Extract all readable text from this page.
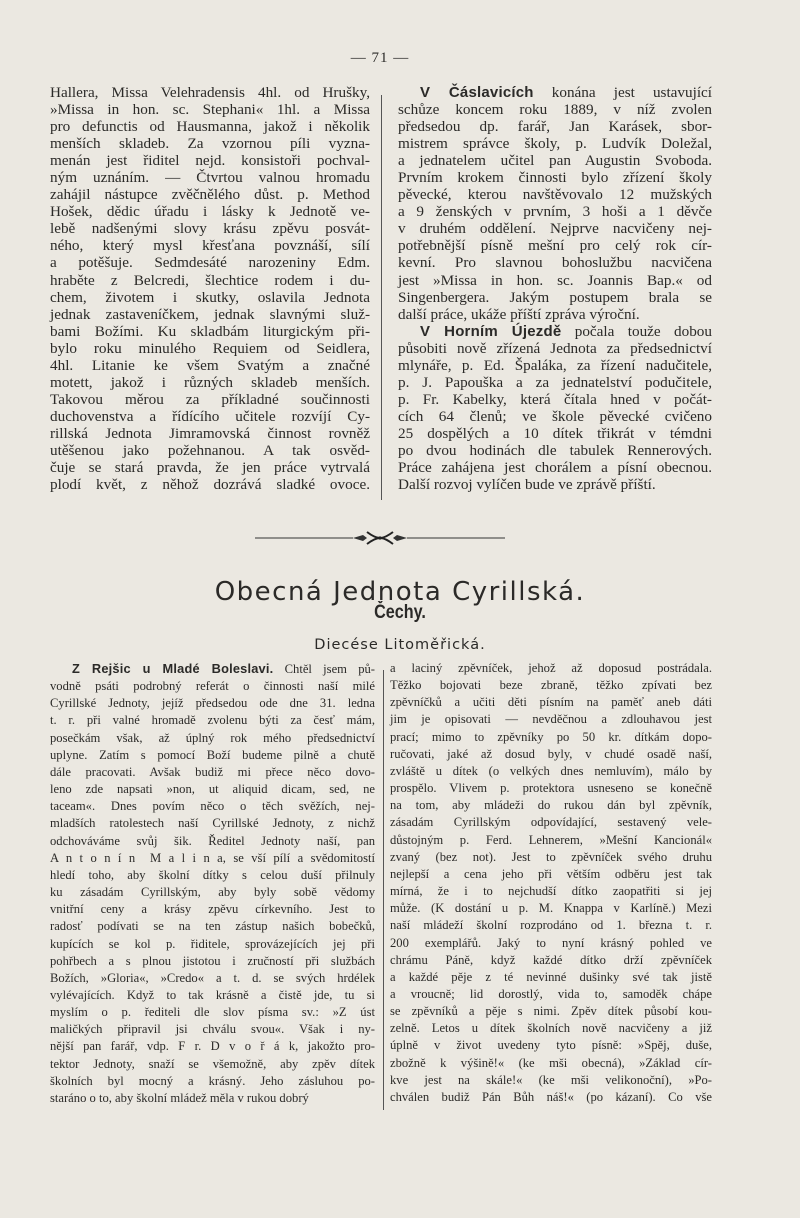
— 71 —
Hallera, Missa Velehradensis 4hl. od Hrušky,
»Missa in hon. sc. Stephani« 1hl. a Missa
pro defunctis od Hausmanna, jakož i několik
menších skladeb. Za vzornou píli vyzna-
menán jest řiditel nejd. konsistoři pochval-
ným uznáním. — Čtvrtou valnou hromadu
zahájil nástupce zvěčnělého důst. p. Method
Hošek, dědic úřadu i lásky k Jednotě ve-
lebě nadšenými slovy krásu zpěvu posvát-
ného, který mysl křesťana povznáší, sílí
a potěšuje. Sedmdesáté narozeniny Edm.
hraběte z Belcredi, šlechtice rodem i du-
chem, životem i skutky, oslavila Jednota
jednak zastaveníčkem, jednak slavnými služ-
bami Božími. Ku skladbám liturgickým při-
bylo roku minulého Requiem od Seidlera,
4hl. Litanie ke všem Svatým a značné
motett, jakož i různých skladeb menších.
Takovou měrou za příkladné součinnosti
duchovenstva a řídícího učitele rozvíjí Cy-
rillská Jednota Jimramovská činnost rovněž
utěšenou jako požehnanou. A tak osvěd-
čuje se stará pravda, že jen práce vytrvalá
plodí květ, z něhož dozrává sladké ovoce.
V Čáslavicích konána jest ustavující
schůze koncem roku 1889, v níž zvolen
předsedou dp. farář, Jan Karásek, sbor-
mistrem správce školy, p. Ludvík Doležal,
a jednatelem učitel pan Augustin Svoboda.
Prvním krokem činnosti bylo zřízení školy
pěvecké, kterou navštěvovalo 12 mužských
a 9 ženských v prvním, 3 hoši a 1 děvče
v druhém oddělení. Nejprve nacvičeny nej-
potřebnější písně mešní pro celý rok cír-
kevní. Pro slavnou bohoslužbu nacvičena
jest »Missa in hon. sc. Joannis Bap.« od
Singenbergera. Jakým postupem brala se
další práce, ukáže příští zpráva výroční.
V Horním Újezdě počala touže dobou
působiti nově zřízená Jednota za předsednictví
mlynáře, p. Ed. Špaláka, za řízení nadučitele,
p. J. Papouška a za jednatelství podučitele,
p. Fr. Kabelky, která čítala hned v počát-
cích 64 členů; ve škole pěvecké cvičeno
25 dospělých a 10 dítek třikrát v témdni
po dvou hodinách dle tabulek Rennerových.
Práce zahájena jest chorálem a písní obecnou.
Další rozvoj vylíčen bude ve zprávě příští.
Obecná Jednota Cyrillská.
Čechy.
Diecése Litoměřická.
Z Rejšic u Mladé Boleslavi. Chtěl jsem pů-
vodně psáti podrobný referát o činnosti naší milé
Cyrillské Jednoty, jejíž předsedou ode dne 31. ledna
t. r. při valné hromadě zvolenu býti za česť mám,
posečkám však, až úplný rok mého předsednictví
uplyne. Zatím s pomocí Boží budeme pilně a chutě
dále pracovati. Avšak budiž mi přece něco dovo-
leno zde napsati »non, ut aliquid dicam, sed, ne
taceam«. Dnes povím něco o těch svěžích, nej-
mladších ratolestech naší Cyrillské Jednoty, z nichž
odchováváme svůj šik. Ředitel Jednoty naší, pan
A n t o n í n  M a l i n a, se vší pílí a svědomitostí
hledí toho, aby školní dítky s celou duší přilnuly
ku zásadám Cyrillským, aby byly sobě vědomy
vnitřní ceny a krásy zpěvu církevního. Jest to
radosť podívati se na ten zástup našich bobečků,
kupících se kol p. řiditele, sprovázejících jej při
pohřbech a s plnou jistotou i zručností při službách
Božích, »Gloria«, »Credo« a t. d. se svých hrdélek
vylévajících. Když to tak krásně a čistě jde, tu si
myslím o p. řediteli dle slov písma sv.: »Z úst
maličkých připravil jsi chválu svou«. Však i ny-
nější pan farář, vdp. F r. D v o ř á k, jakožto pro-
tektor Jednoty, snaží se všemožně, aby zpěv dítek
školních byl mocný a krásný. Jeho zásluhou po-
staráno o to, aby školní mládež měla v rukou dobrý
a laciný zpěvníček, jehož až doposud postrádala.
Těžko bojovati beze zbraně, těžko zpívati bez
zpěvníčků a učiti děti písním na paměť aneb dáti
jim je opisovati — nevděčnou a zdlouhavou jest
prací; mimo to zpěvníky po 50 kr. dítkám dopo-
ručovati, jaké až dosud byly, v chudé osadě naší,
zvláště u dítek (o velkých dnes nemluvím), málo by
prospělo. Vlivem p. protektora usneseno se konečně
na tom, aby mládeži do rukou dán byl zpěvník,
zásadám Cyrillským odpovídající, sestavený vele-
důstojným p. Ferd. Lehnerem, »Mešní Kancionál«
zvaný (bez not). Jest to zpěvníček svého druhu
nejlepší a cena jeho při větším odběru jest tak
mírná, že i to nejchudší dítko zaopatřiti si jej
může. (K dostání u p. M. Knappa v Karlíně.) Mezi
naší mládeží školní rozprodáno od 1. března t. r.
200 exemplářů. Jaký to nyní krásný pohled ve
chrámu Páně, když každé dítko drží zpěvníček
a každé pěje z té nevinné dušinky své tak jistě
a vroucně; lid dorostlý, vida to, samoděk chápe
se zpěvníků a pěje s nimi. Zpěv dítek působí kou-
zelně. Letos u dítek školních nově nacvičeny a již
úplně v život uvedeny tyto písně: »Spěj, duše,
zbožně k výšině!« (ke mši obecná), »Základ cír-
kve jest na skále!« (ke mši velikonoční), »Po-
chválen budiž Pán Bůh náš!« (po kázaní). Co vše
